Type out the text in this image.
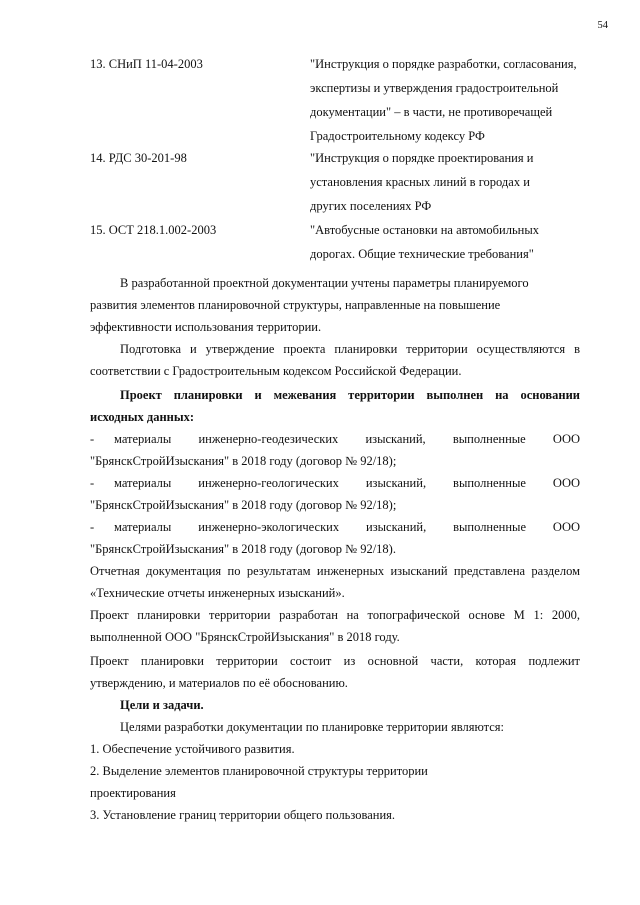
54
13. СНиП 11-04-2003	"Инструкция о порядке разработки, согласования,
экспертизы и утверждения градостроительной
документации" – в части, не противоречащей
Градостроительному кодексу РФ
14. РДС 30-201-98	"Инструкция о порядке проектирования и
установления красных линий в городах и
других поселениях РФ
15. ОСТ 218.1.002-2003	"Автобусные остановки на автомобильных
дорогах. Общие технические требования"
В разработанной проектной документации учтены параметры планируемого
развития элементов планировочной структуры, направленные на повышение
эффективности использования территории.
Подготовка и утверждение проекта планировки территории осуществляются в
соответствии с Градостроительным кодексом Российской Федерации.
Проект планировки и межевания территории выполнен на основании
исходных данных:
- материалы инженерно-геодезических изысканий, выполненные ООО
"БрянскСтройИзыскания" в 2018 году (договор № 92/18);
- материалы инженерно-геологических изысканий, выполненные ООО
"БрянскСтройИзыскания" в 2018 году (договор № 92/18);
- материалы инженерно-экологических изысканий, выполненные ООО
"БрянскСтройИзыскания" в 2018 году (договор № 92/18).
Отчетная документация по результатам инженерных изысканий представлена разделом
«Технические отчеты инженерных изысканий».
Проект планировки территории разработан на топографической основе М 1: 2000,
выполненной ООО "БрянскСтройИзыскания" в 2018 году.
Проект планировки территории состоит из основной части, которая подлежит
утверждению, и материалов по её обоснованию.
Цели и задачи.
Целями разработки документации по планировке территории являются:
1. Обеспечение устойчивого развития.
2. Выделение элементов планировочной структуры территории
проектирования
3. Установление границ территории общего пользования.
